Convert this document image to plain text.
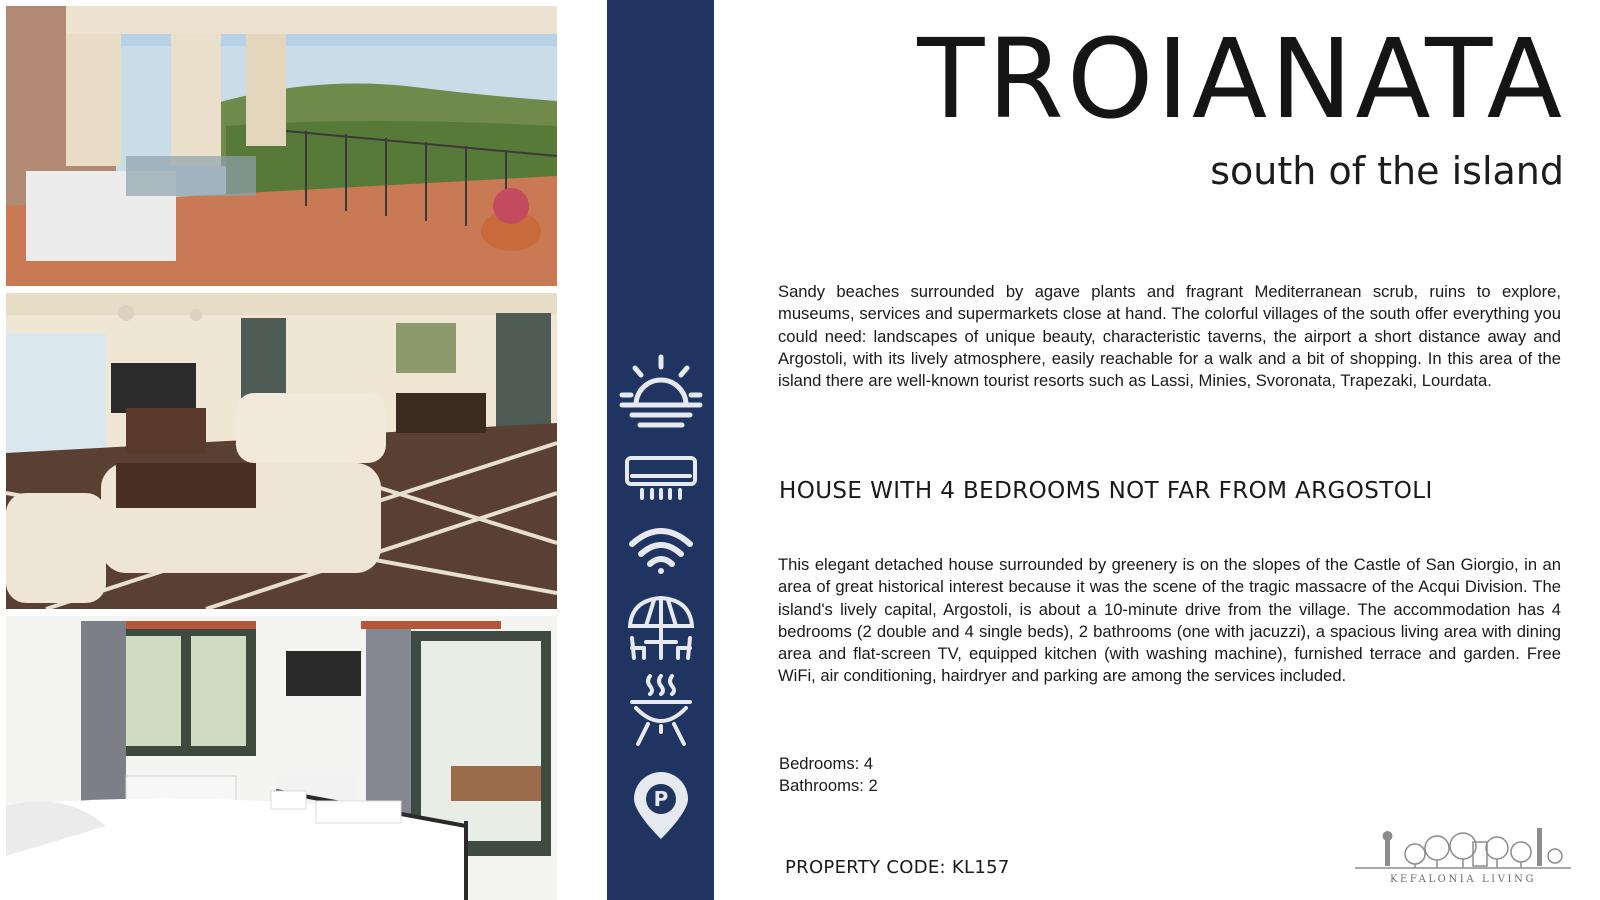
P
TROIANATA
south of the island

Sandy beaches surrounded by agave plants and fragrant Mediterranean scrub, ruins to explore, museums, services and supermarkets close at hand. The colorful villages of the south offer everything you could need: landscapes of unique beauty, characteristic taverns, the airport a short distance away and Argostoli, with its lively atmosphere, easily reachable for a walk and a bit of shopping. In this area of the island there are well-known tourist resorts such as Lassi, Minies, Svoronata, Trapezaki, Lourdata.

HOUSE WITH 4 BEDROOMS NOT FAR FROM ARGOSTOLI

This elegant detached house surrounded by greenery is on the slopes of the Castle of San Giorgio, in an area of great historical interest because it was the scene of the tragic massacre of the Acqui Division. The island's lively capital, Argostoli, is about a 10-minute drive from the village. The accommodation has 4 bedrooms (2 double and 4 single beds), 2 bathrooms (one with jacuzzi), a spacious living area with dining area and flat-screen TV, equipped kitchen (with washing machine), furnished terrace and garden. Free WiFi, air conditioning, hairdryer and parking are among the services included.

Bedrooms: 4
Bathrooms: 2
PROPERTY CODE: KL157
KEFALONIA LIVING
